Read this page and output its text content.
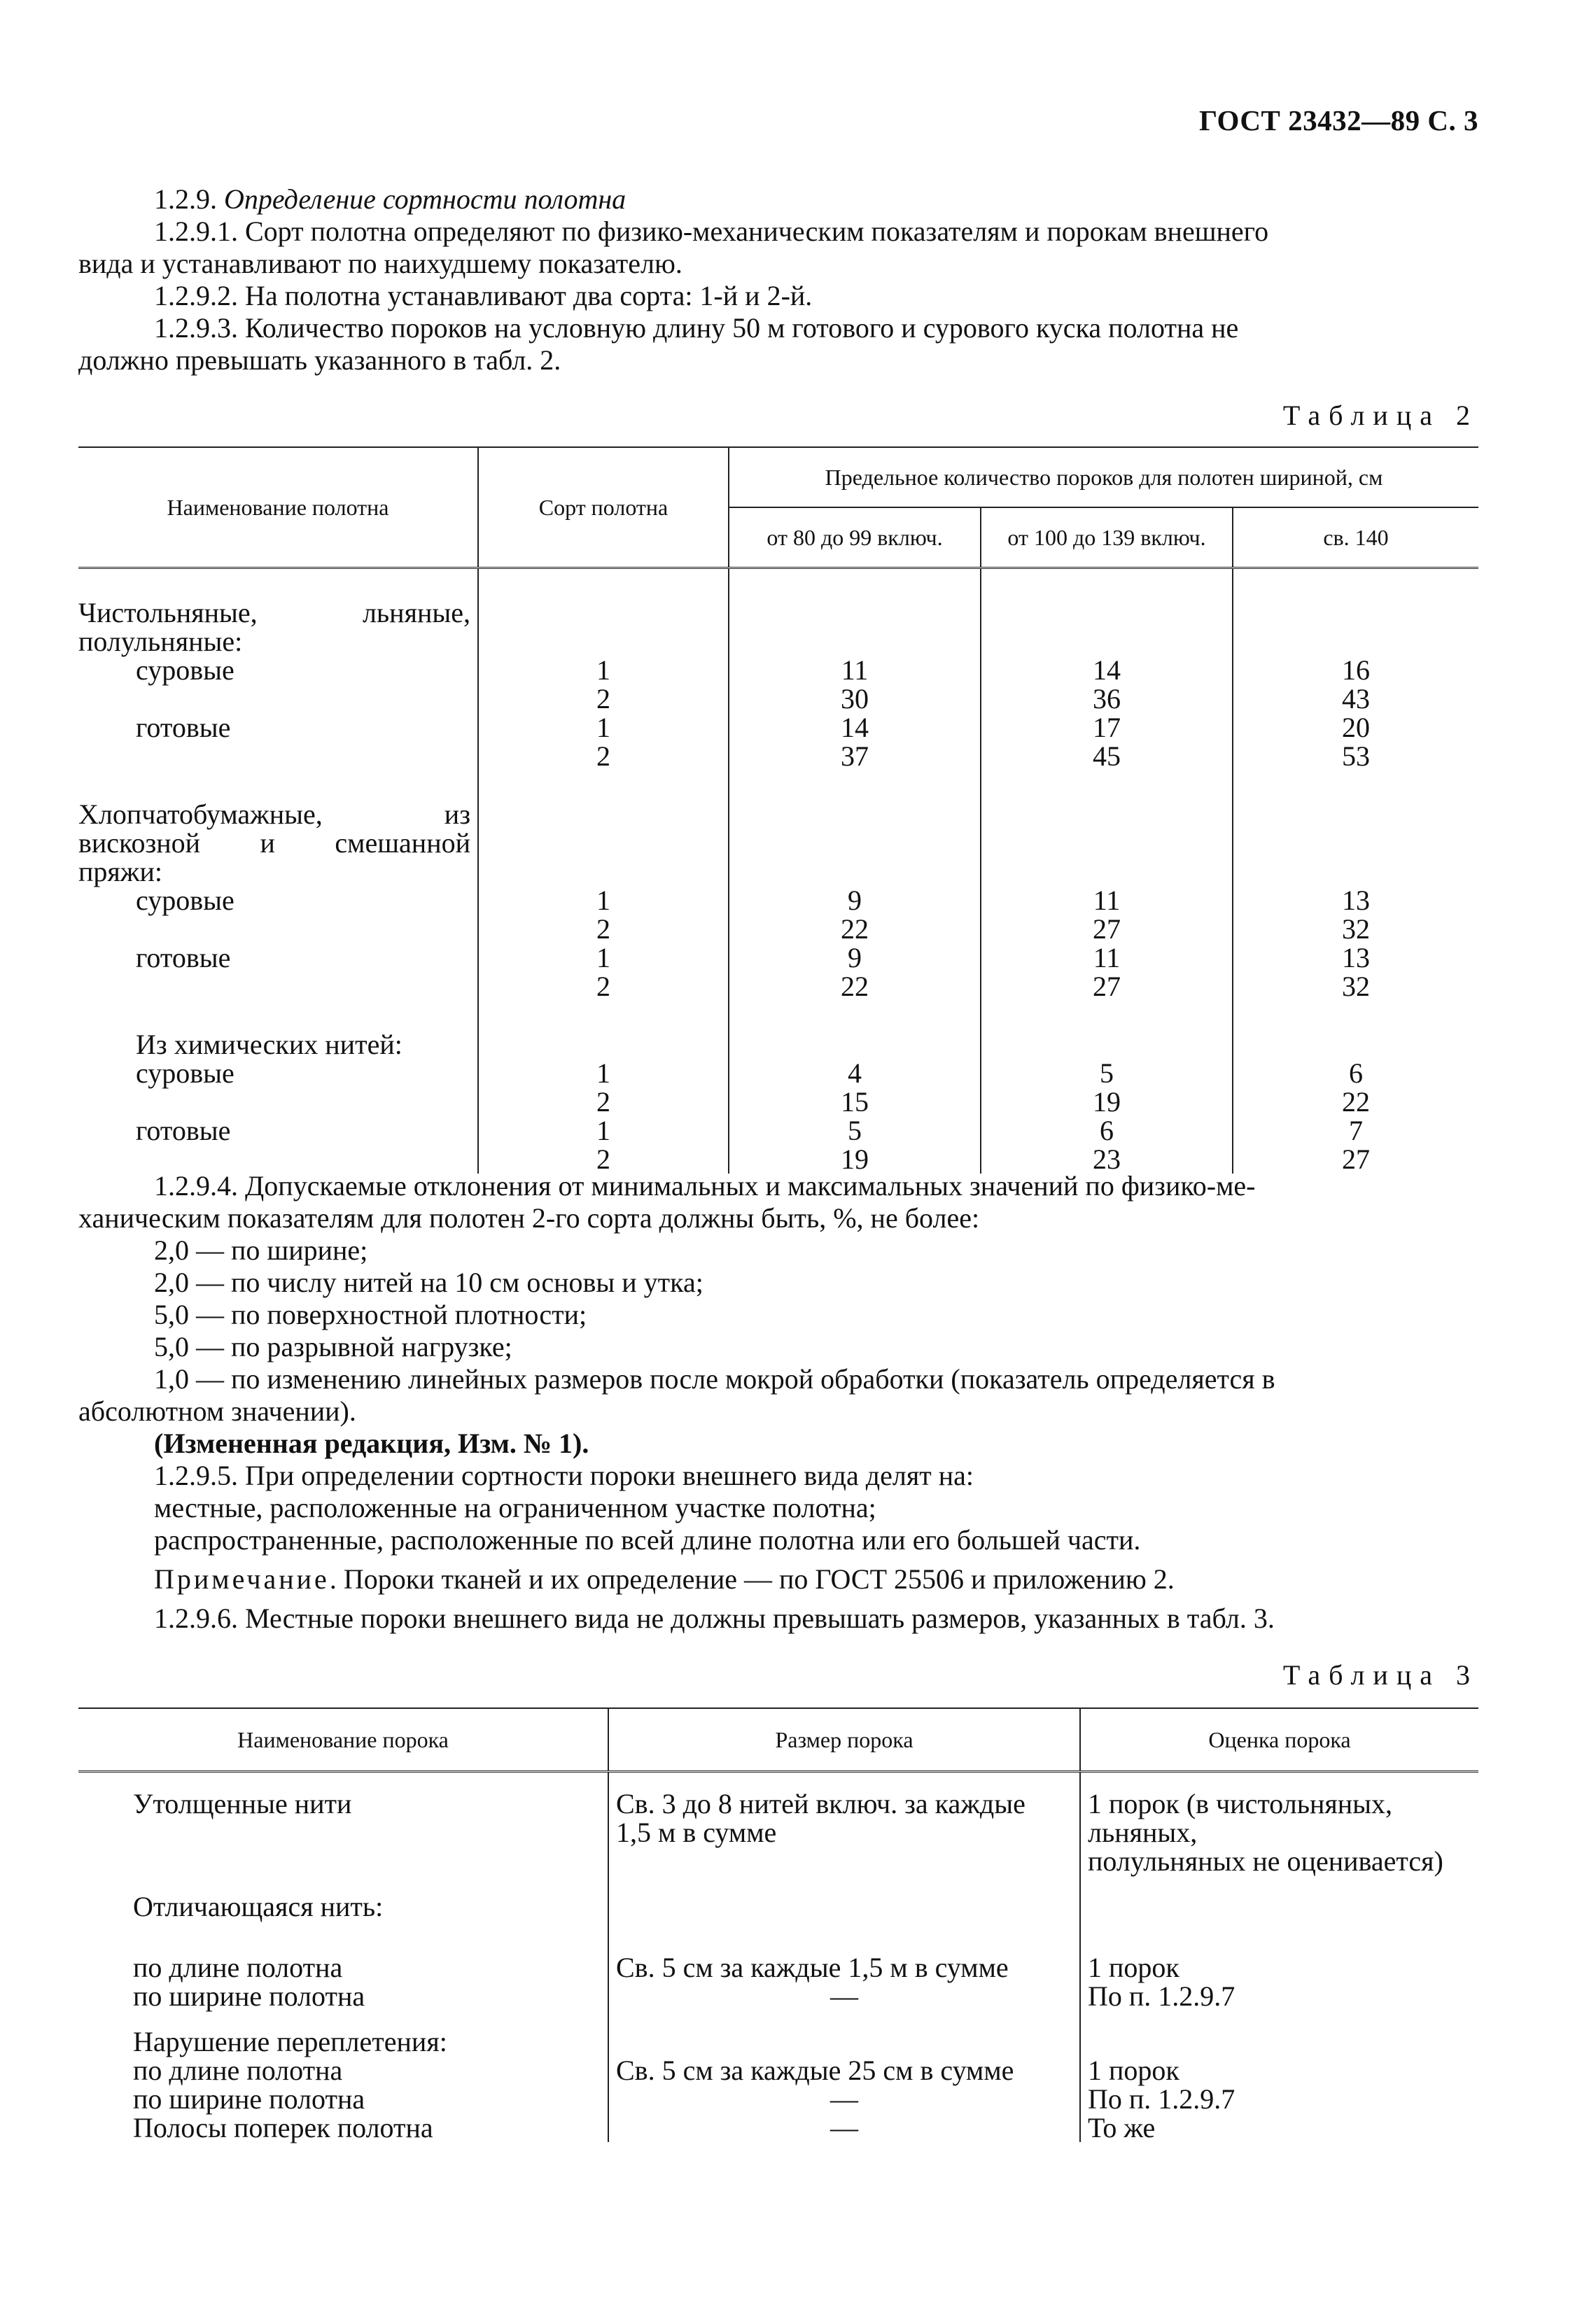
ГОСТ 23432—89 С. 3

1.2.9. Определение сортности полотна

1.2.9.1. Сорт полотна определяют по физико-механическим показателям и порокам внешнего

вида и устанавливают по наихудшему показателю.

1.2.9.2. На полотна устанавливают два сорта: 1-й и 2-й.

1.2.9.3. Количество пороков на условную длину 50 м готового и сурового куска полотна не

должно превышать указанного в табл. 2.

Таблица 2
Наименование полотна	Сорт полотна	Предельное количество пороков для полотен шириной, см		
		от 80 до 99 включ.	от 100 до 139 включ.	св. 140

Чистольняные, льняные,
полульняные:				

суровые	1	11	14	16

	2	30	36	43

готовые	1	14	17	20

	2	37	45	53

Хлопчатобумажные, из
вискозной и смешанной
пряжи:				

суровые	1	9	11	13

	2	22	27	32

готовые	1	9	11	13

	2	22	27	32

Из химических нитей:				

суровые	1	4	5	6

	2	15	19	22

готовые	1	5	6	7

	2	19	23	27

1.2.9.4. Допускаемые отклонения от минимальных и максимальных значений по физико-ме-

ханическим показателям для полотен 2-го сорта должны быть, %, не более:

2,0 — по ширине;

2,0 — по числу нитей на 10 см основы и утка;

5,0 — по поверхностной плотности;

5,0 — по разрывной нагрузке;

1,0 — по изменению линейных размеров после мокрой обработки (показатель определяется в

абсолютном значении).

(Измененная редакция, Изм. № 1).

1.2.9.5. При определении сортности пороки внешнего вида делят на:

местные, расположенные на ограниченном участке полотна;

распространенные, расположенные по всей длине полотна или его большей части.

Примечание. Пороки тканей и их определение — по ГОСТ 25506 и приложению 2.

1.2.9.6. Местные пороки внешнего вида не должны превышать размеров, указанных в табл. 3.

Таблица 3
Наименование порока	Размер порока	Оценка порока

Утолщенные нити	Св. 3 до 8 нитей включ. за каждые
1,5 м в сумме	1 порок (в чистольняных, льняных,
полульняных не оценивается)

Отличающаяся нить:		

по длине полотна	Св. 5 см за каждые 1,5 м в сумме	1 порок
по ширине полотна	—	По п. 1.2.9.7

Нарушение переплетения:		
по длине полотна	Св. 5 см за каждые 25 см в сумме	1 порок
по ширине полотна	—	По п. 1.2.9.7
Полосы поперек полотна	—	То же
